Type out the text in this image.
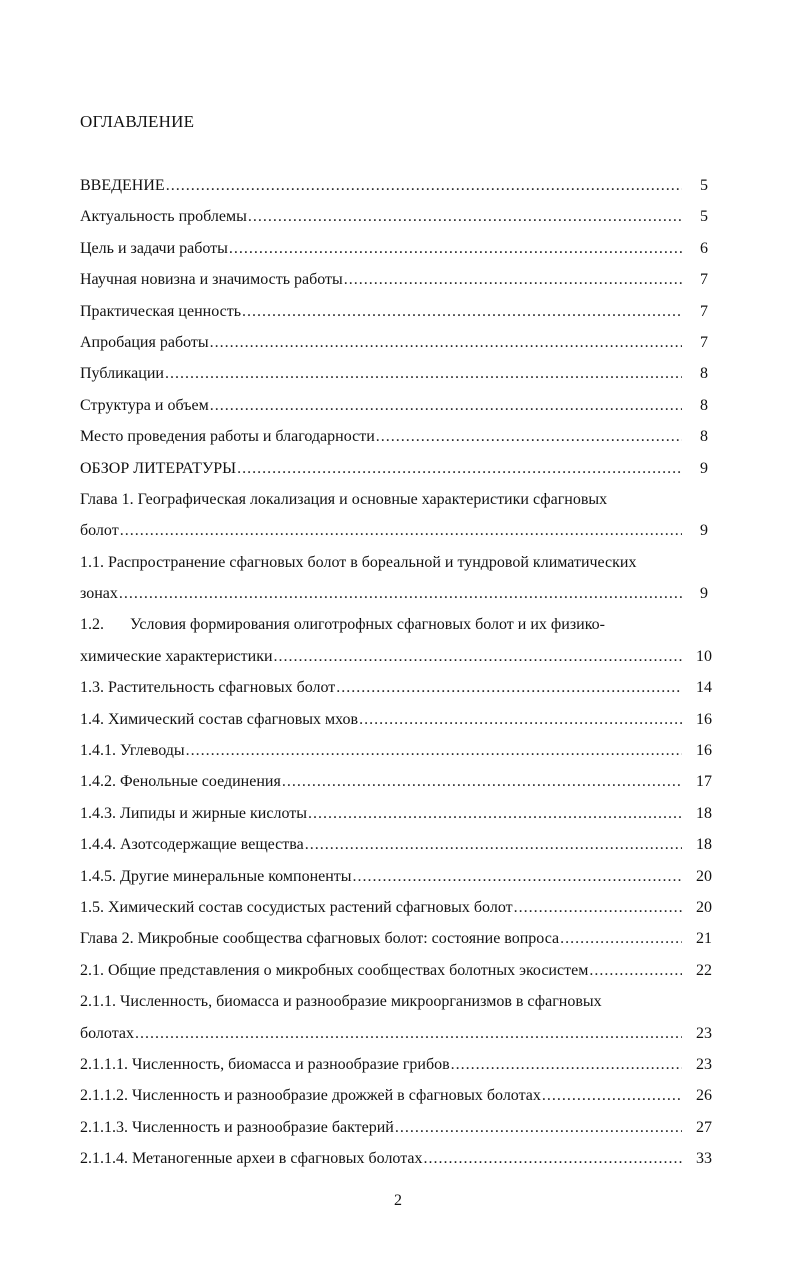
ОГЛАВЛЕНИЕ
ВВЕДЕНИЕ .....	5
Актуальность проблемы .....	5
Цель и задачи работы .....	6
Научная новизна и значимость работы .....	7
Практическая ценность .....	7
Апробация работы .....	7
Публикации .....	8
Структура и объем .....	8
Место проведения работы и благодарности .....	8
ОБЗОР ЛИТЕРАТУРЫ .....	9
Глава 1. Географическая локализация и основные характеристики сфагновых
болот .....	9
1.1. Распространение сфагновых болот в бореальной и тундровой климатических
зонах .....	9
1.2.	Условия формирования олиготрофных сфагновых болот и их физико-
химические характеристики .....	10
1.3. Растительность сфагновых болот .....	14
1.4. Химический состав сфагновых мхов .....	16
1.4.1. Углеводы .....	16
1.4.2. Фенольные соединения .....	17
1.4.3. Липиды и жирные кислоты .....	18
1.4.4. Азотсодержащие вещества .....	18
1.4.5. Другие минеральные компоненты .....	20
1.5. Химический состав сосудистых растений сфагновых болот .....	20
Глава 2. Микробные сообщества сфагновых болот: состояние вопроса .....	21
2.1. Общие представления о микробных сообществах болотных экосистем .....	22
2.1.1. Численность, биомасса и разнообразие микроорганизмов в сфагновых
болотах .....	23
2.1.1.1. Численность, биомасса и разнообразие грибов .....	23
2.1.1.2. Численность и разнообразие дрожжей в сфагновых болотах .....	26
2.1.1.3. Численность и разнообразие бактерий .....	27
2.1.1.4. Метаногенные археи в сфагновых болотах .....	33
2
